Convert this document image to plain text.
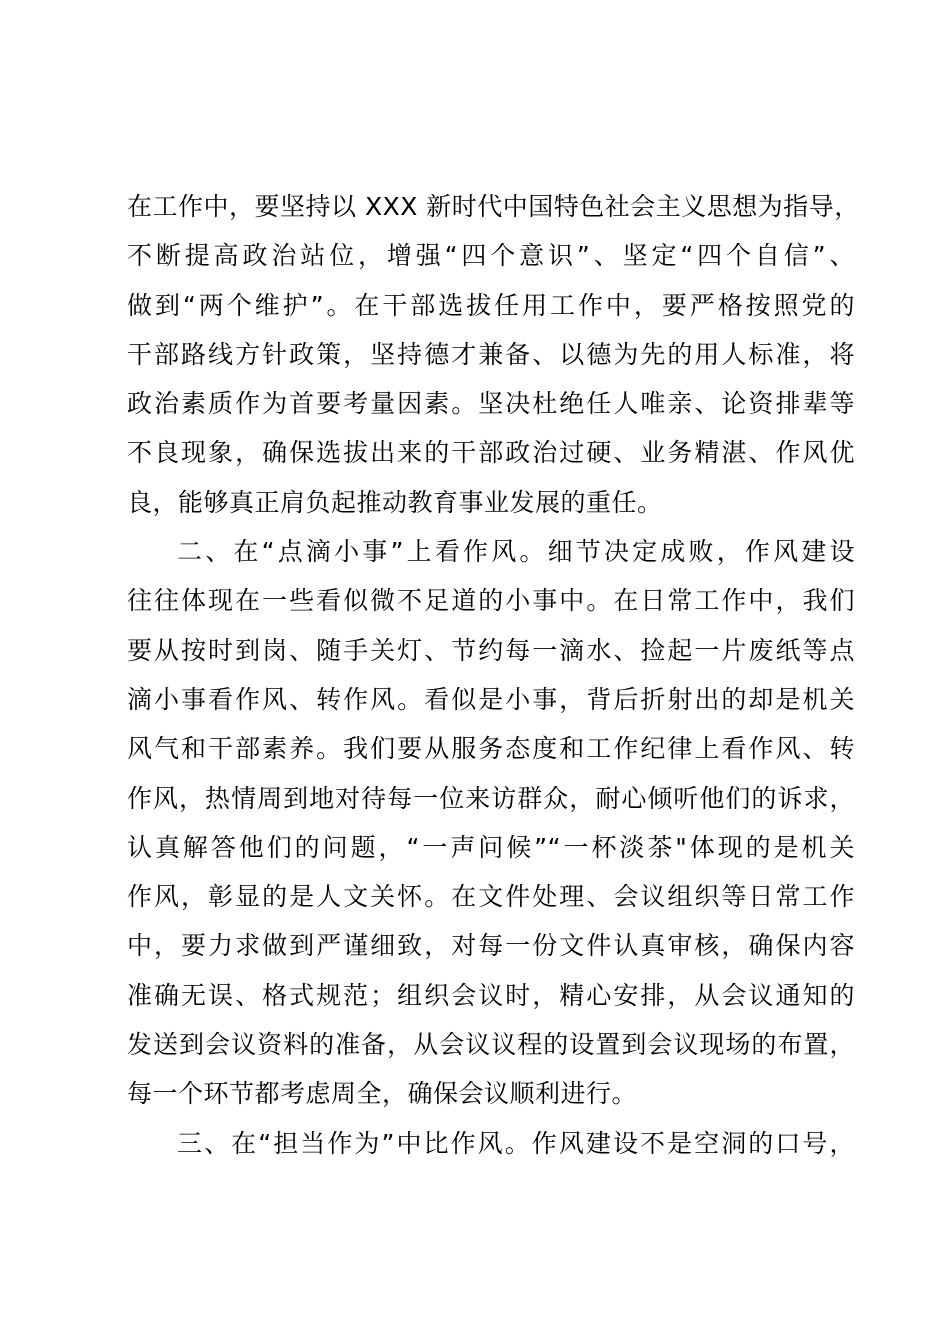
在工作中，要坚持以 XXX 新时代中国特色社会主义思想为指导，
不断提高政治站位，增强“四个意识”、坚定“四个自信”、
做到“两个维护”。在干部选拔任用工作中，要严格按照党的
干部路线方针政策，坚持德才兼备、以德为先的用人标准，将
政治素质作为首要考量因素。坚决杜绝任人唯亲、论资排辈等
不良现象，确保选拔出来的干部政治过硬、业务精湛、作风优
良，能够真正肩负起推动教育事业发展的重任。
二、在“点滴小事”上看作风。细节决定成败，作风建设
往往体现在一些看似微不足道的小事中。在日常工作中，我们
要从按时到岗、随手关灯、节约每一滴水、捡起一片废纸等点
滴小事看作风、转作风。看似是小事，背后折射出的却是机关
风气和干部素养。我们要从服务态度和工作纪律上看作风、转
作风，热情周到地对待每一位来访群众，耐心倾听他们的诉求，
认真解答他们的问题，“一声问候”“一杯淡茶"体现的是机关
作风，彰显的是人文关怀。在文件处理、会议组织等日常工作
中，要力求做到严谨细致，对每一份文件认真审核，确保内容
准确无误、格式规范；组织会议时，精心安排，从会议通知的
发送到会议资料的准备，从会议议程的设置到会议现场的布置，
每一个环节都考虑周全，确保会议顺利进行。
三、在“担当作为”中比作风。作风建设不是空洞的口号，
